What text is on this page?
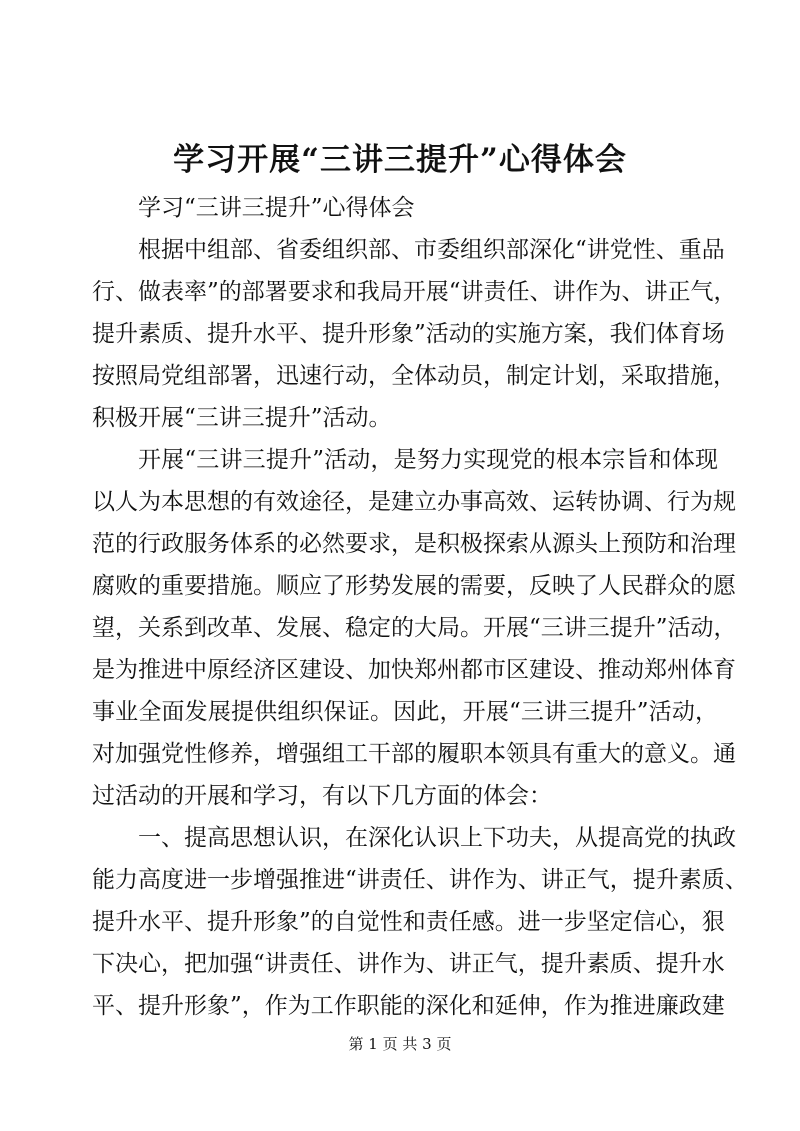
学习开展“三讲三提升”心得体会
学习“三讲三提升”心得体会
根据中组部、省委组织部、市委组织部深化“讲党性、重品
行、做表率”的部署要求和我局开展“讲责任、讲作为、讲正气，
提升素质、提升水平、提升形象”活动的实施方案，我们体育场
按照局党组部署，迅速行动，全体动员，制定计划，采取措施，
积极开展“三讲三提升”活动。
开展“三讲三提升”活动，是努力实现党的根本宗旨和体现
以人为本思想的有效途径，是建立办事高效、运转协调、行为规
范的行政服务体系的必然要求，是积极探索从源头上预防和治理
腐败的重要措施。顺应了形势发展的需要，反映了人民群众的愿
望，关系到改革、发展、稳定的大局。开展“三讲三提升”活动，
是为推进中原经济区建设、加快郑州都市区建设、推动郑州体育
事业全面发展提供组织保证。因此，开展“三讲三提升”活动，
对加强党性修养，增强组工干部的履职本领具有重大的意义。通
过活动的开展和学习，有以下几方面的体会：
一、提高思想认识，在深化认识上下功夫，从提高党的执政
能力高度进一步增强推进“讲责任、讲作为、讲正气，提升素质、
提升水平、提升形象”的自觉性和责任感。进一步坚定信心，狠
下决心，把加强“讲责任、讲作为、讲正气，提升素质、提升水
平、提升形象”，作为工作职能的深化和延伸，作为推进廉政建
第 1 页 共 3 页
